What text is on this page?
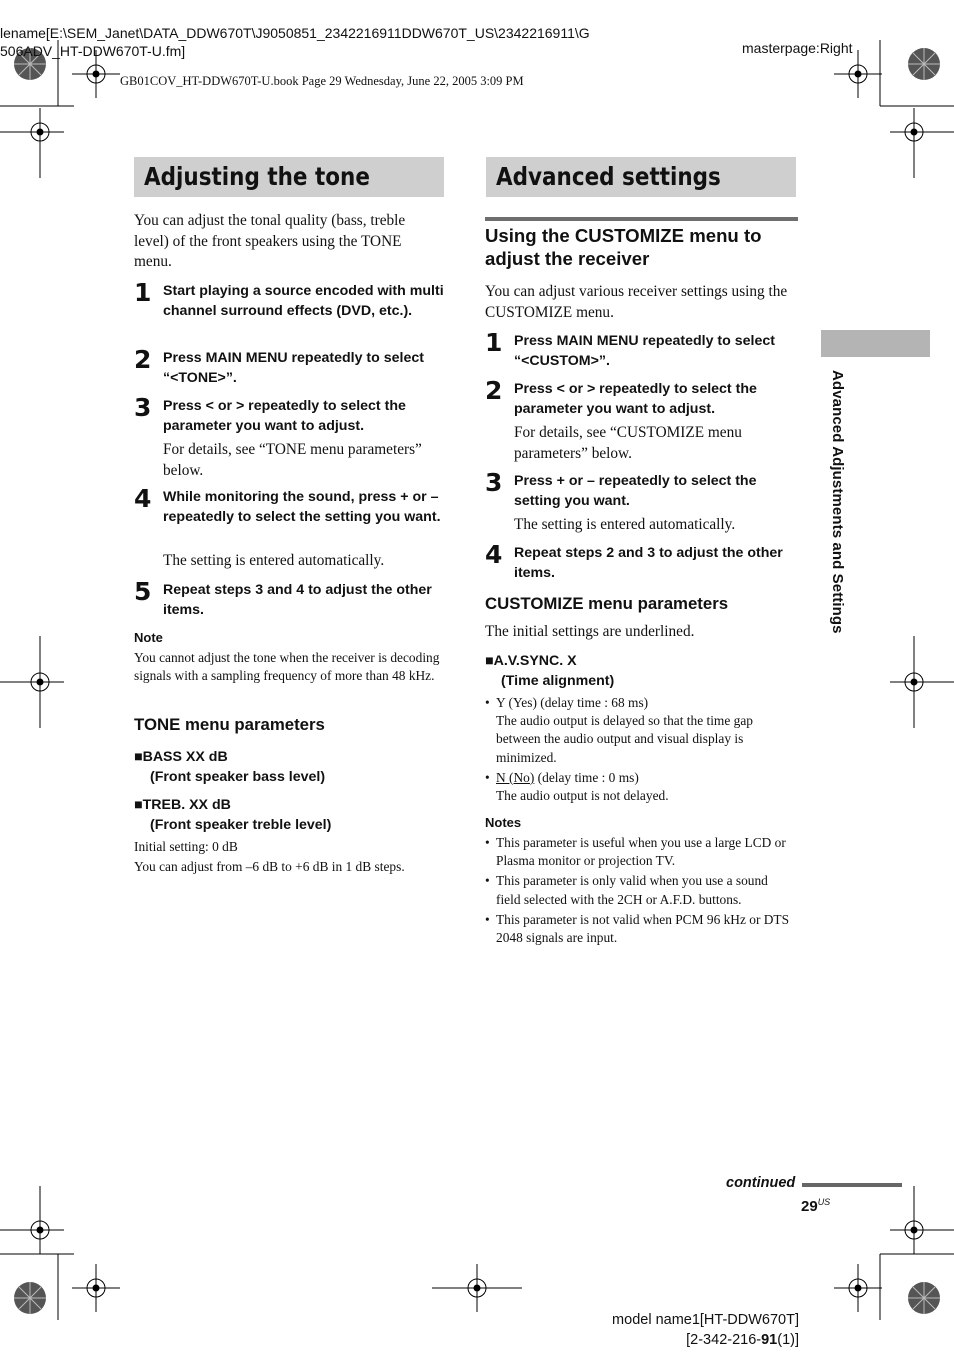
lename[E:\SEM_Janet\DATA_DDW670T\J9050851_2342216911DDW670T_US\2342216911\G
506ADV_HT-DDW670T-U.fm]	masterpage:Right
GB01COV_HT-DDW670T-U.book Page 29 Wednesday, June 22, 2005 3:09 PM
Adjusting the tone
You can adjust the tonal quality (bass, treble level) of the front speakers using the TONE menu.
1 Start playing a source encoded with multi channel surround effects (DVD, etc.).
2 Press MAIN MENU repeatedly to select “<TONE>”.
3 Press < or > repeatedly to select the parameter you want to adjust.
For details, see “TONE menu parameters” below.
4 While monitoring the sound, press + or – repeatedly to select the setting you want.
The setting is entered automatically.
5 Repeat steps 3 and 4 to adjust the other items.
Note
You cannot adjust the tone when the receiver is decoding signals with a sampling frequency of more than 48 kHz.
TONE menu parameters
■BASS XX dB
(Front speaker bass level)
■TREB. XX dB
(Front speaker treble level)
Initial setting: 0 dB
You can adjust from –6 dB to +6 dB in 1 dB steps.
Advanced settings
Using the CUSTOMIZE menu to adjust the receiver
You can adjust various receiver settings using the CUSTOMIZE menu.
1 Press MAIN MENU repeatedly to select “<CUSTOM>”.
2 Press < or > repeatedly to select the parameter you want to adjust.
For details, see “CUSTOMIZE menu parameters” below.
3 Press + or – repeatedly to select the setting you want.
The setting is entered automatically.
4 Repeat steps 2 and 3 to adjust the other items.
CUSTOMIZE menu parameters
The initial settings are underlined.
■A.V.SYNC. X
(Time alignment)
• Y (Yes) (delay time : 68 ms)
The audio output is delayed so that the time gap between the audio output and visual display is minimized.
• N (No) (delay time : 0 ms)
The audio output is not delayed.
Notes
• This parameter is useful when you use a large LCD or Plasma monitor or projection TV.
• This parameter is only valid when you use a sound field selected with the 2CH or A.F.D. buttons.
• This parameter is not valid when PCM 96 kHz or DTS 2048 signals are input.
Advanced Adjustments and Settings
continued
$29^{US}$
model name1[HT-DDW670T]
[2-342-216-91(1)]
